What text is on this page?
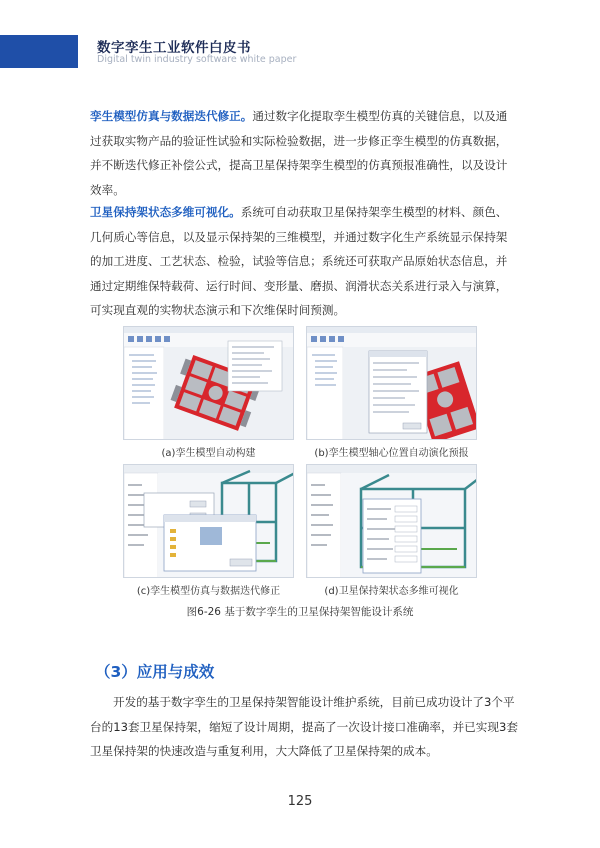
数字孪生工业软件白皮书
Digital twin industry software white paper

孪生模型仿真与数据迭代修正。通过数字化提取孪生模型仿真的关键信息，以及通过获取实物产品的验证性试验和实际检验数据，进一步修正孪生模型的仿真数据，并不断迭代修正补偿公式，提高卫星保持架孪生模型的仿真预报准确性，以及设计效率。

卫星保持架状态多维可视化。系统可自动获取卫星保持架孪生模型的材料、颜色、几何质心等信息，以及显示保持架的三维模型，并通过数字化生产系统显示保持架的加工进度、工艺状态、检验，试验等信息；系统还可获取产品原始状态信息，并通过定期维保特载荷、运行时间、变形量、磨损、润滑状态关系进行录入与演算，可实现直观的实物状态演示和下次维保时间预测。

(a)孪生模型自动构建	(b)孪生模型轴心位置自动演化预报
(c)孪生模型仿真与数据迭代修正	(d)卫星保持架状态多维可视化
图6-26 基于数字孪生的卫星保持架智能设计系统
（3）应用与成效

开发的基于数字孪生的卫星保持架智能设计维护系统，目前已成功设计了3个平台的13套卫星保持架，缩短了设计周期，提高了一次设计接口准确率，并已实现3套卫星保持架的快速改造与重复利用，大大降低了卫星保持架的成本。

125
